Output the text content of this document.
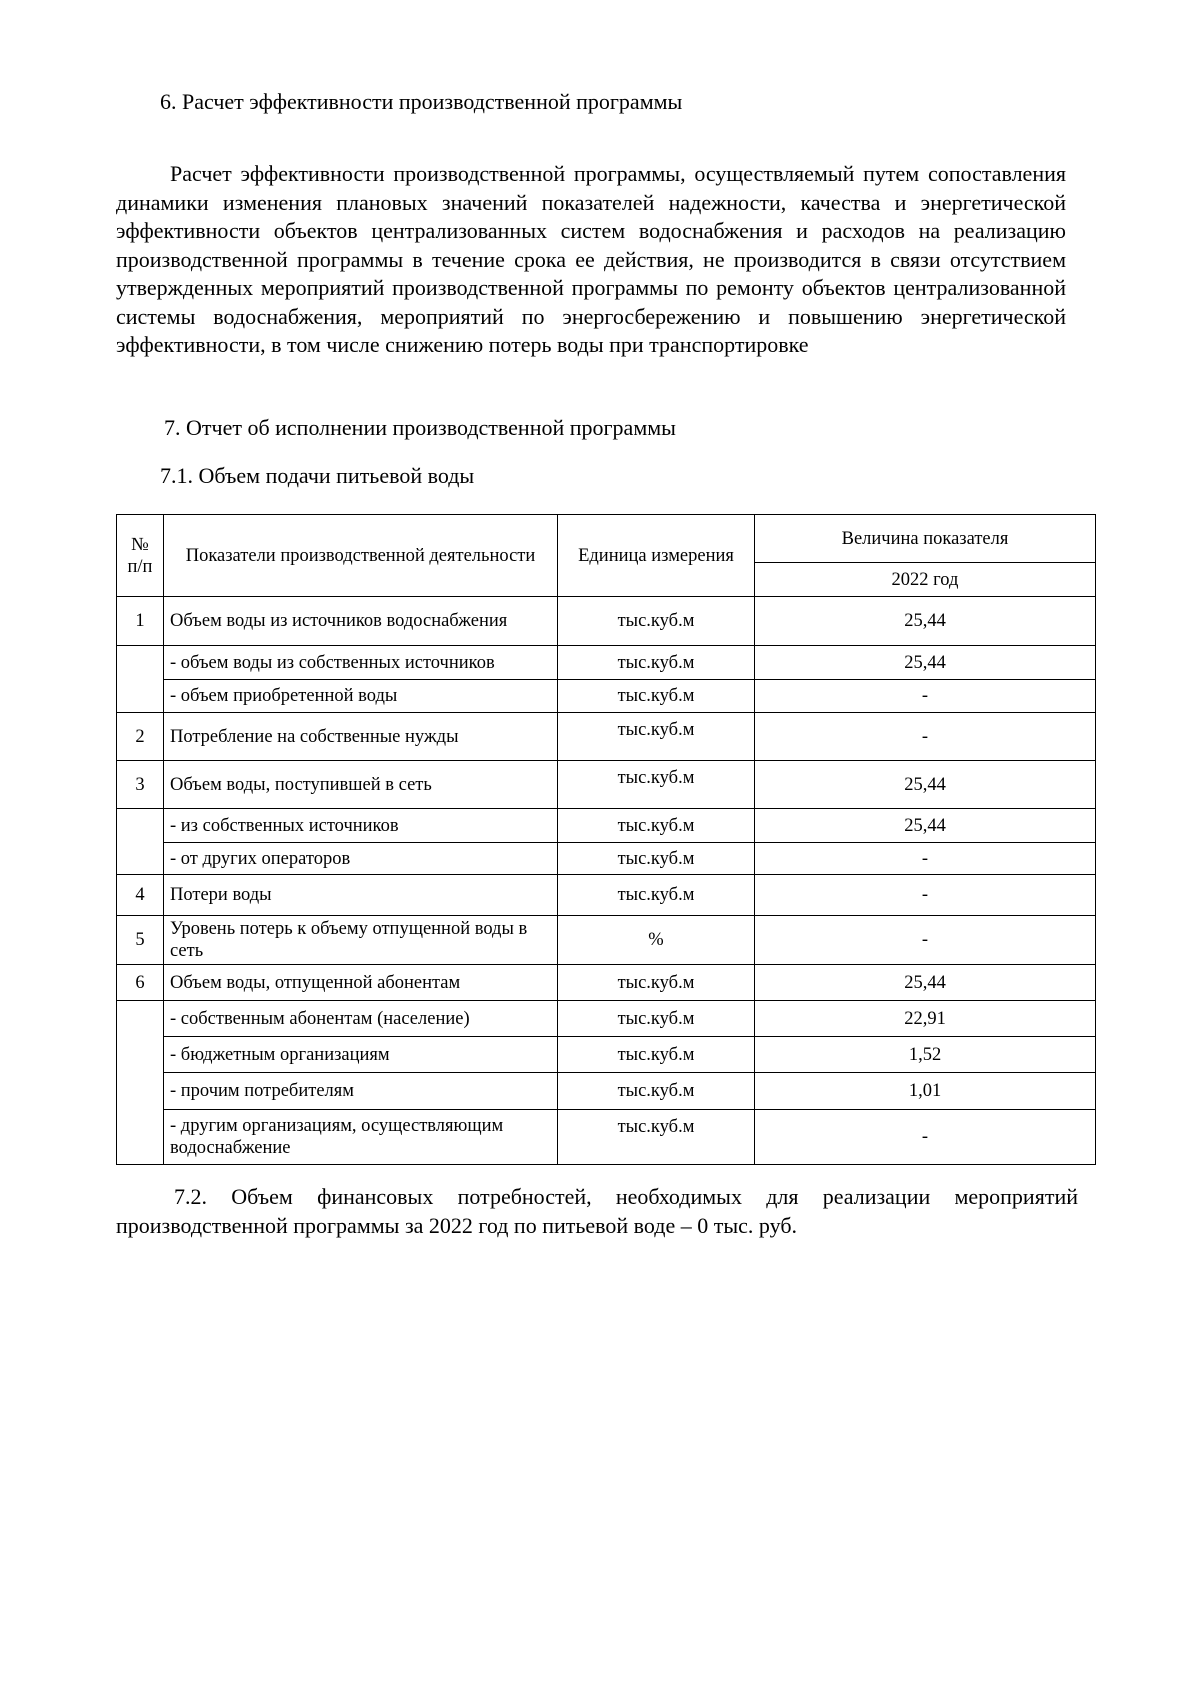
6. Расчет эффективности производственной программы

Расчет эффективности производственной программы, осуществляемый путем сопоставления динамики изменения плановых значений показателей надежности, качества и энергетической эффективности объектов централизованных систем водоснабжения и расходов на реализацию производственной программы в течение срока ее действия, не производится в связи отсутствием утвержденных мероприятий производственной программы по ремонту объектов централизованной системы водоснабжения, мероприятий по энергосбережению и повышению энергетической эффективности, в том числе снижению потерь воды при транспортировке

7. Отчет об исполнении производственной программы
7.1. Объем подачи питьевой воды
№ п/п	Показатели производственной деятельности	Единица измерения	Величина показателя
			2022 год
1	Объем воды из источников водоснабжения	тыс.куб.м	25,44
	- объем воды из собственных источников	тыс.куб.м	25,44
	- объем приобретенной воды	тыс.куб.м	-
2	Потребление на собственные нужды	тыс.куб.м	-
3	Объем воды, поступившей в сеть	тыс.куб.м	25,44
	- из собственных источников	тыс.куб.м	25,44
	- от других операторов	тыс.куб.м	-
4	Потери воды	тыс.куб.м	-
5	Уровень потерь к объему отпущенной воды в сеть	%	-
6	Объем воды, отпущенной абонентам	тыс.куб.м	25,44
	- собственным абонентам (население)	тыс.куб.м	22,91
	- бюджетным организациям	тыс.куб.м	1,52
	- прочим потребителям	тыс.куб.м	1,01
	- другим организациям, осуществляющим водоснабжение	тыс.куб.м	-

7.2. Объем финансовых потребностей, необходимых для реализации мероприятий производственной программы за 2022 год по питьевой воде – 0 тыс. руб.
